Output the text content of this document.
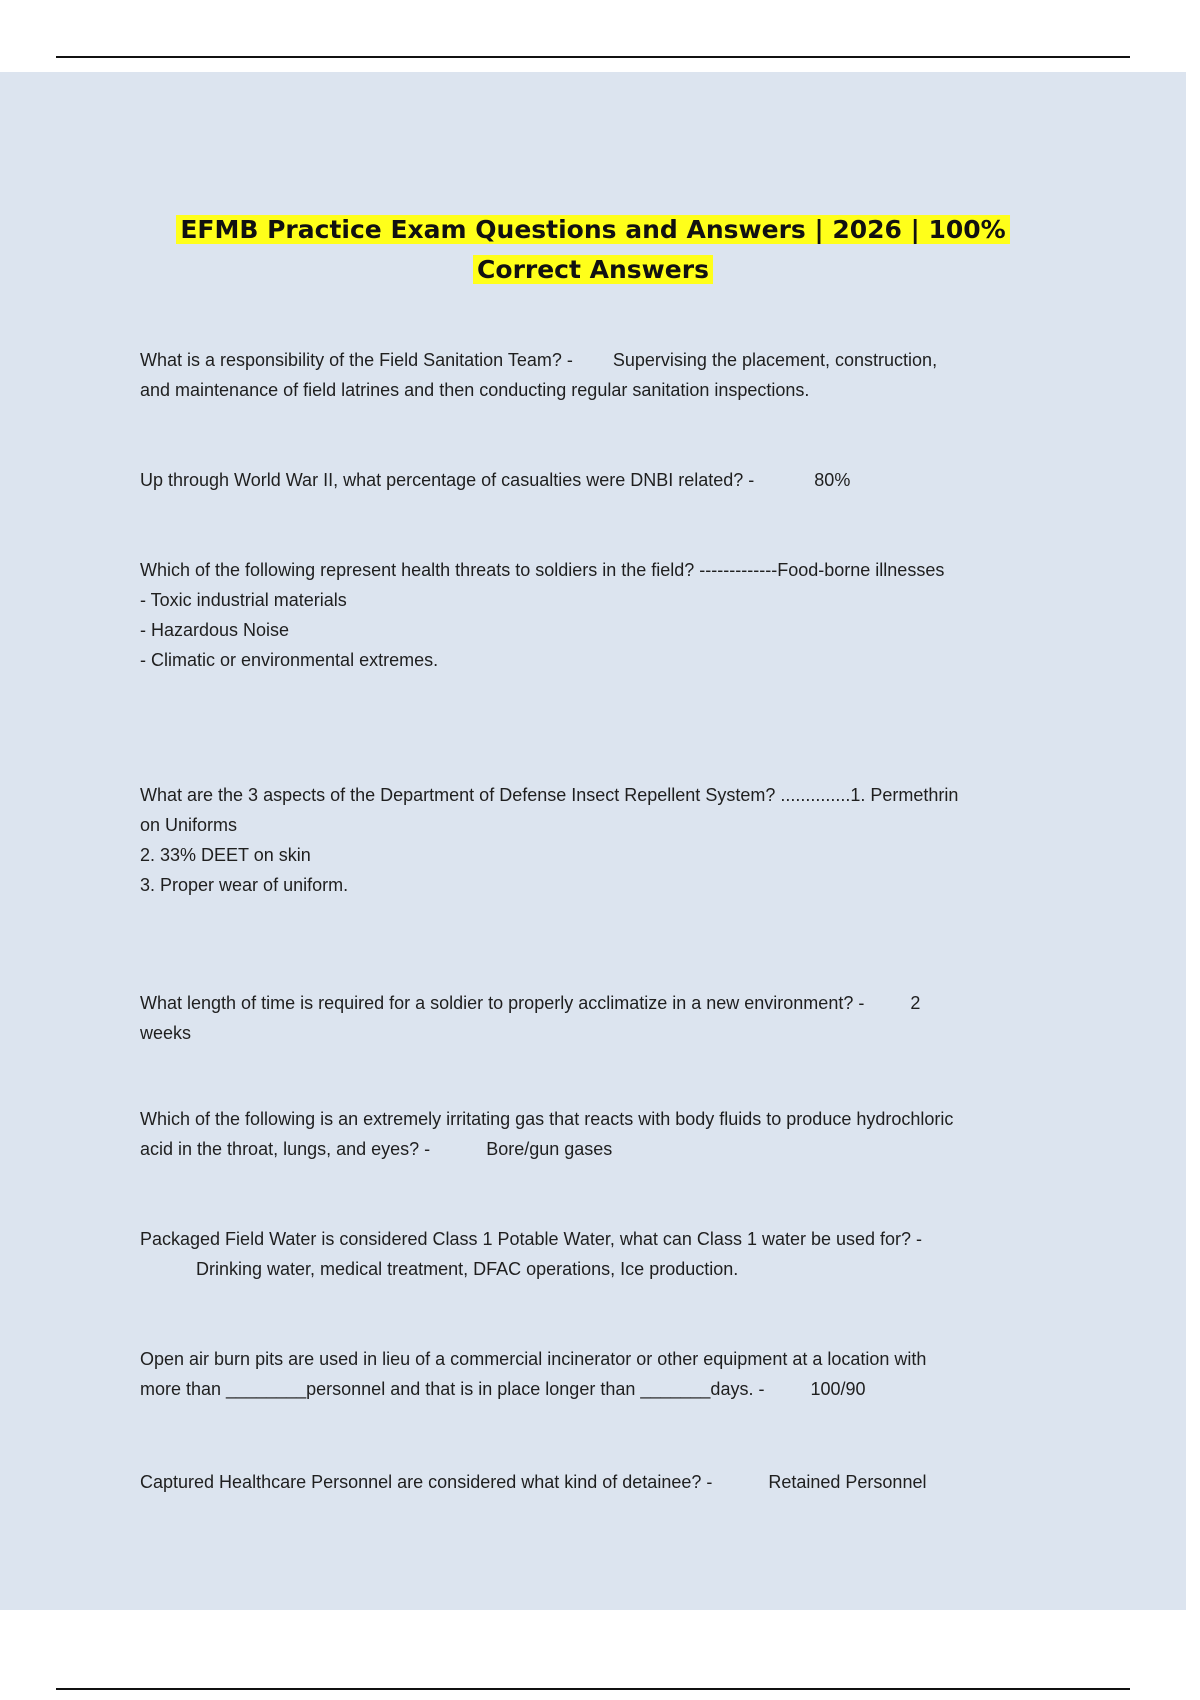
EFMB Practice Exam Questions and Answers | 2026 | 100%
Correct Answers

What is a responsibility of the Field Sanitation Team? - Supervising the placement, construction,

and maintenance of field latrines and then conducting regular sanitation inspections.

Up through World War II, what percentage of casualties were DNBI related? -	80%

Which of the following represent health threats to soldiers in the field? -------------Food-borne illnesses

- Toxic industrial materials

- Hazardous Noise

- Climatic or environmental extremes.

What are the 3 aspects of the Department of Defense Insect Repellent System? ..............1. Permethrin

on Uniforms

2. 33% DEET on skin

3. Proper wear of uniform.

What length of time is required for a soldier to properly acclimatize in a new environment? -	2

weeks

Which of the following is an extremely irritating gas that reacts with body fluids to produce hydrochloric

acid in the throat, lungs, and eyes? -	Bore/gun gases

Packaged Field Water is considered Class 1 Potable Water, what can Class 1 water be used for? -

Drinking water, medical treatment, DFAC operations, Ice production.

Open air burn pits are used in lieu of a commercial incinerator or other equipment at a location with

more than ________personnel and that is in place longer than _______days. -	100/90

Captured Healthcare Personnel are considered what kind of detainee? -	Retained Personnel
